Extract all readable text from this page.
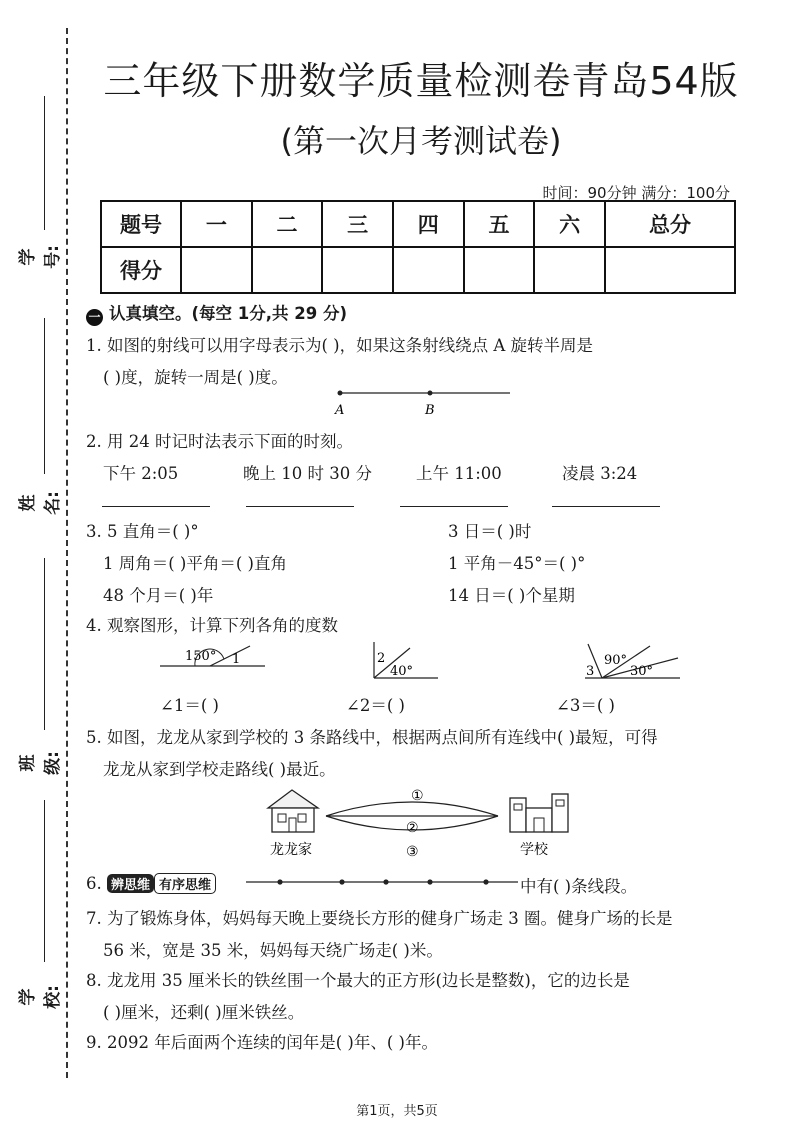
学号:
姓名:
班级:
学校:
三年级下册数学质量检测卷青岛54版
(第一次月考测试卷)
时间：90分钟 满分：100分
题号	一	二	三	四	五	六	总分
得分							
一 认真填空。(每空 1分,共 29 分)
1. 如图的射线可以用字母表示为( )，如果这条射线绕点 A 旋转半周是
( )度，旋转一周是( )度。
A	B
2. 用 24 时记时法表示下面的时刻。
下午 2:05	晚上 10 时 30 分	上午 11:00	凌晨 3:24
3. 5 直角＝( )°	3 日＝( )时
1 周角＝( )平角＝( )直角	1 平角－45°＝( )°
48 个月＝( )年	14 日＝( )个星期
4. 观察图形，计算下列各角的度数
150° 1	2
40°	3
90°
30°
∠1＝( )	∠2＝( )	∠3＝( )
5. 如图，龙龙从家到学校的 3 条路线中，根据两点间所有连线中( )最短，可得
龙龙从家到学校走路线( )最近。
①
②
③
龙龙家	学校
6. 辨思维 有序思维	中有( )条线段。
7. 为了锻炼身体，妈妈每天晚上要绕长方形的健身广场走 3 圈。健身广场的长是
56 米，宽是 35 米，妈妈每天绕广场走( )米。
8. 龙龙用 35 厘米长的铁丝围一个最大的正方形(边长是整数)，它的边长是
( )厘米，还剩( )厘米铁丝。
9. 2092 年后面两个连续的闰年是( )年、( )年。
第1页，共5页
